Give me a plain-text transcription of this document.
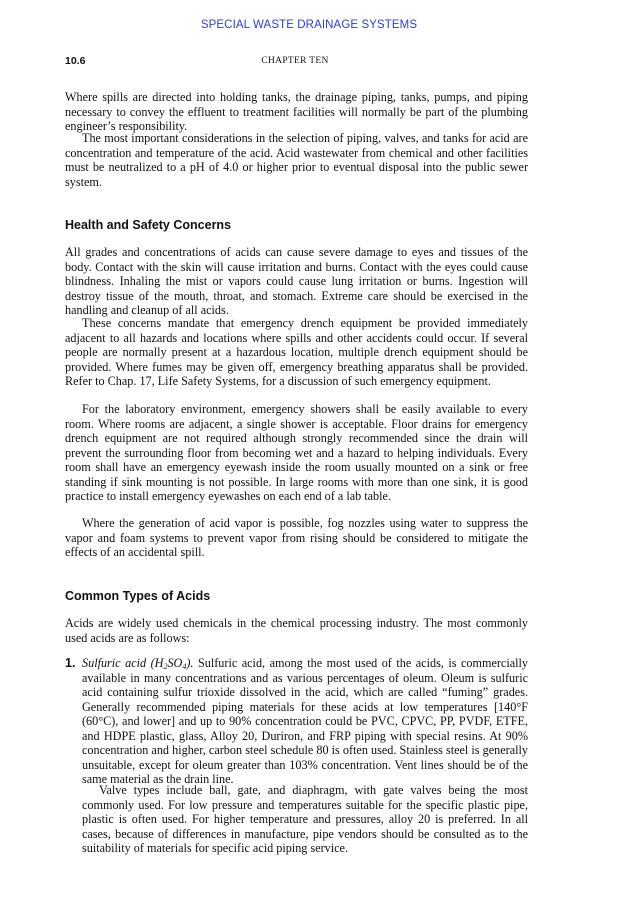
SPECIAL WASTE DRAINAGE SYSTEMS
10.6	CHAPTER TEN

Where spills are directed into holding tanks, the drainage piping, tanks, pumps, and piping necessary to convey the effluent to treatment facilities will normally be part of the plumbing engineer’s responsibility.

The most important considerations in the selection of piping, valves, and tanks for acid are concentration and temperature of the acid. Acid wastewater from chemical and other facilities must be neutralized to a pH of 4.0 or higher prior to eventual disposal into the public sewer system.

Health and Safety Concerns

All grades and concentrations of acids can cause severe damage to eyes and tissues of the body. Contact with the skin will cause irritation and burns. Contact with the eyes could cause blindness. Inhaling the mist or vapors could cause lung irritation or burns. Ingestion will destroy tissue of the mouth, throat, and stomach. Extreme care should be exercised in the handling and cleanup of all acids.

These concerns mandate that emergency drench equipment be provided immediately adjacent to all hazards and locations where spills and other accidents could occur. If several people are normally present at a hazardous location, multiple drench equipment should be provided. Where fumes may be given off, emergency breathing apparatus shall be provided. Refer to Chap. 17, Life Safety Systems, for a discussion of such emergency equipment.

For the laboratory environment, emergency showers shall be easily available to every room. Where rooms are adjacent, a single shower is acceptable. Floor drains for emergency drench equipment are not required although strongly recommended since the drain will prevent the surrounding floor from becoming wet and a hazard to helping individuals. Every room shall have an emergency eyewash inside the room usually mounted on a sink or free standing if sink mounting is not possible. In large rooms with more than one sink, it is good practice to install emergency eyewashes on each end of a lab table.

Where the generation of acid vapor is possible, fog nozzles using water to suppress the vapor and foam systems to prevent vapor from rising should be considered to mitigate the effects of an accidental spill.

Common Types of Acids

Acids are widely used chemicals in the chemical processing industry. The most commonly used acids are as follows:

1. Sulfuric acid $(H_2SO_4)$. Sulfuric acid, among the most used of the acids, is commercially available in many concentrations and as various percentages of oleum. Oleum is sulfuric acid containing sulfur trioxide dissolved in the acid, which are called “fuming” grades. Generally recommended piping materials for these acids at low temperatures [140°F (60°C), and lower] and up to 90% concentration could be PVC, CPVC, PP, PVDF, ETFE, and HDPE plastic, glass, Alloy 20, Duriron, and FRP piping with special resins. At 90% concentration and higher, carbon steel schedule 80 is often used. Stainless steel is generally unsuitable, except for oleum greater than 103% concentration. Vent lines should be of the same material as the drain line.

Valve types include ball, gate, and diaphragm, with gate valves being the most commonly used. For low pressure and temperatures suitable for the specific plastic pipe, plastic is often used. For higher temperature and pressures, alloy 20 is preferred. In all cases, because of differences in manufacture, pipe vendors should be consulted as to the suitability of materials for specific acid piping service.
